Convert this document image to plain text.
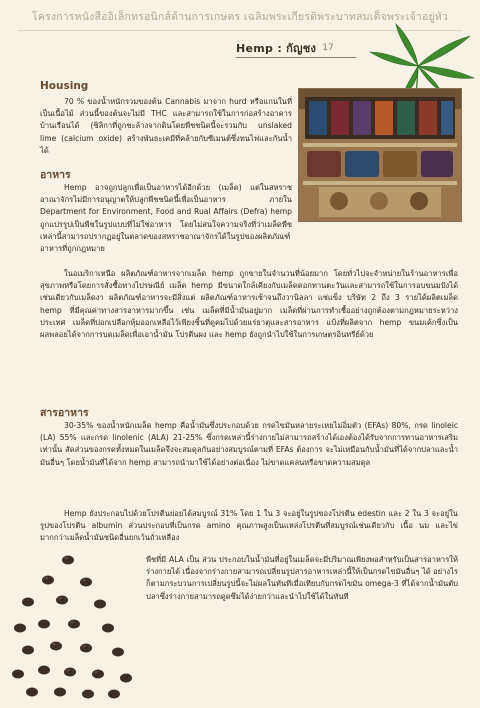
โครงการหนังสืออิเล็กทรอนิกส์ด้านการเกษตร เฉลิมพระเกียรติพระบาทสมเด็จพระเจ้าอยู่หัว
Hemp : กัญชง 17
Housing

70 % ของน้ำหนักรวมของต้น Cannabis มาจาก hurd หรือแกนในที่เป็นเนื้อไม้ ส่วนนี้ของต้นจะไม่มี THC และสามารถใช้ในการก่อสร้างอาคารบ้านเรือนได้ (ซิลิกาที่ถูกชะล้างจากดินโดยพืชชนิดนี้จะรวมกับ unslaked lime (calcium oxide) สร้างพันธะเคมีที่คล้ายกับซีเมนต์ซึ่งทนไฟและกันน้ำได้

อาหาร

Hemp อาจถูกปลูกเพื่อเป็นอาหารได้อีกด้วย (เมล็ด) แต่ในสหราชอาณาจักรไม่มีการอนุญาตให้ปลูกพืชชนิดนี้เพื่อเป็นอาหาร ภายใน Department for Environment, Food and Rual Affairs (Defra) hemp ถูกแปรรูปเป็นพืชในรูปแบบที่ไม่ใช่อาหาร โดยไม่สนใจความจริงที่ว่าเมล็ดพืชเหล่านี้สามารถปรากฏอยู่ในตลาดของสหราชอาณาจักรได้ในรูปของผลิตภัณฑ์อาหารที่ถูกกฎหมาย

ในอเมริกาเหนือ ผลิตภัณฑ์อาหารจากเมล็ด hemp ถูกขายในจำนวนที่น้อยมาก โดยทั่วไปจะจำหน่ายในร้านอาหารเพื่อสุขภาพหรือโดยการสั่งซื้อทางไปรษณีย์ เมล็ด hemp มีขนาดใกล้เคียงกับเมล็ดดอกทานตะวันและสามารถใช้ในการอบขนมปังได้เช่นเดียวกับเมล็ดงา ผลิตภัณฑ์อาหารจะมีสิ่งแต่ ผลิตภัณฑ์อาหารเช้าจนถึงวานิลลา แช่แข็ง บริษัท 2 ถึง 3 รายได้ผลิตเมล็ด hemp ที่มีคุณค่าทางสารอาหารมากขึ้น เช่น เมล็ดที่มีน้ำมันอยู่มาก เมล็ดที่ผ่านการทำเชื้ออย่างถูกต้องตามกฎหมายระหว่างประเทศ เมล็ดที่ปอกเปลือกหุ้มออกเหลือไว้เพียงชิ้นที่ดูคมไปด้วยแร่ธาตุและสารอาหาร แป้งที่ผลิตจาก hemp ขนมเค้กซึ่งเป็นผลพลอยได้จากการบดเมล็ดเพื่อเอาน้ำมัน โปรตีนผง และ hemp ยังถูกนำไปใช้ในการเกษตรอินทรีย์ด้วย

สารอาหาร

30-35% ของน้ำหนักเมล็ด hemp คือน้ำมันซึ่งประกอบด้วย กรดไขมันหลายระเหยไม่อิ่มตัว (EFAs) 80%, กรด linoleic (LA) 55% และกรด linolenic (ALA) 21-25% ซึ่งกรดเหล่านี้ร่างกายไม่สามารถสร้างได้เองต้องได้รับจากการทานอาหารเสริมเท่านั้น สัดส่วนของกรดทั้งหมดในเมล็ดจึงจะสมดุลกันอย่างสมบูรณ์ตามที่ EFAs ต้องการ จะไม่เหมือนกับน้ำมันที่ได้จากปลาและน้ำมันอื่นๆ โดยน้ำมันที่ได้จาก hemp สามารถนำมาใช้ได้อย่างต่อเนื่อง ไม่ขาดแคลนหรือขาดความสมดุล

Hemp ยังประกอบไปด้วยโปรตีนย่อยได้สมบูรณ์ 31% โดย 1 ใน 3 จะอยู่ในรูปของโปรตีน edestin และ 2 ใน 3 จะอยู่ในรูปของโปรตีน albumin ส่วนประกอบที่เป็นกรด amino คุณภาพสูงเป็นแหล่งโปรตีนที่สมบูรณ์เช่นเดียวกับ เนื้อ นม และไข่ มากกว่าเมล็ดน้ำมันชนิดอื่นยกเว้นถั่วเหลือง

พืชที่มี ALA เป็น ส่วน ประกอบในน้ำมันที่อยู่ในเมล็ดจะมีปริมาณเพียงพอสำหรับเป็นสารอาหารให้ร่างกายได้ เนื่องจากร่างกายสามารถเปลี่ยนรูปสารอาหารเหล่านี้ให้เป็นกรดไขมันอื่นๆ ได้ อย่างไรก็ตามกระบวนการเปลี่ยนรูปนี้จะไม่ผลในทันทีเมื่อเทียบกับกรดไขมัน omega-3 ที่ได้จากน้ำมันตับปลาซึ่งร่างกายสามารถดูดซึมได้ง่ายกว่าและนำไปใช้ได้ในทันที
